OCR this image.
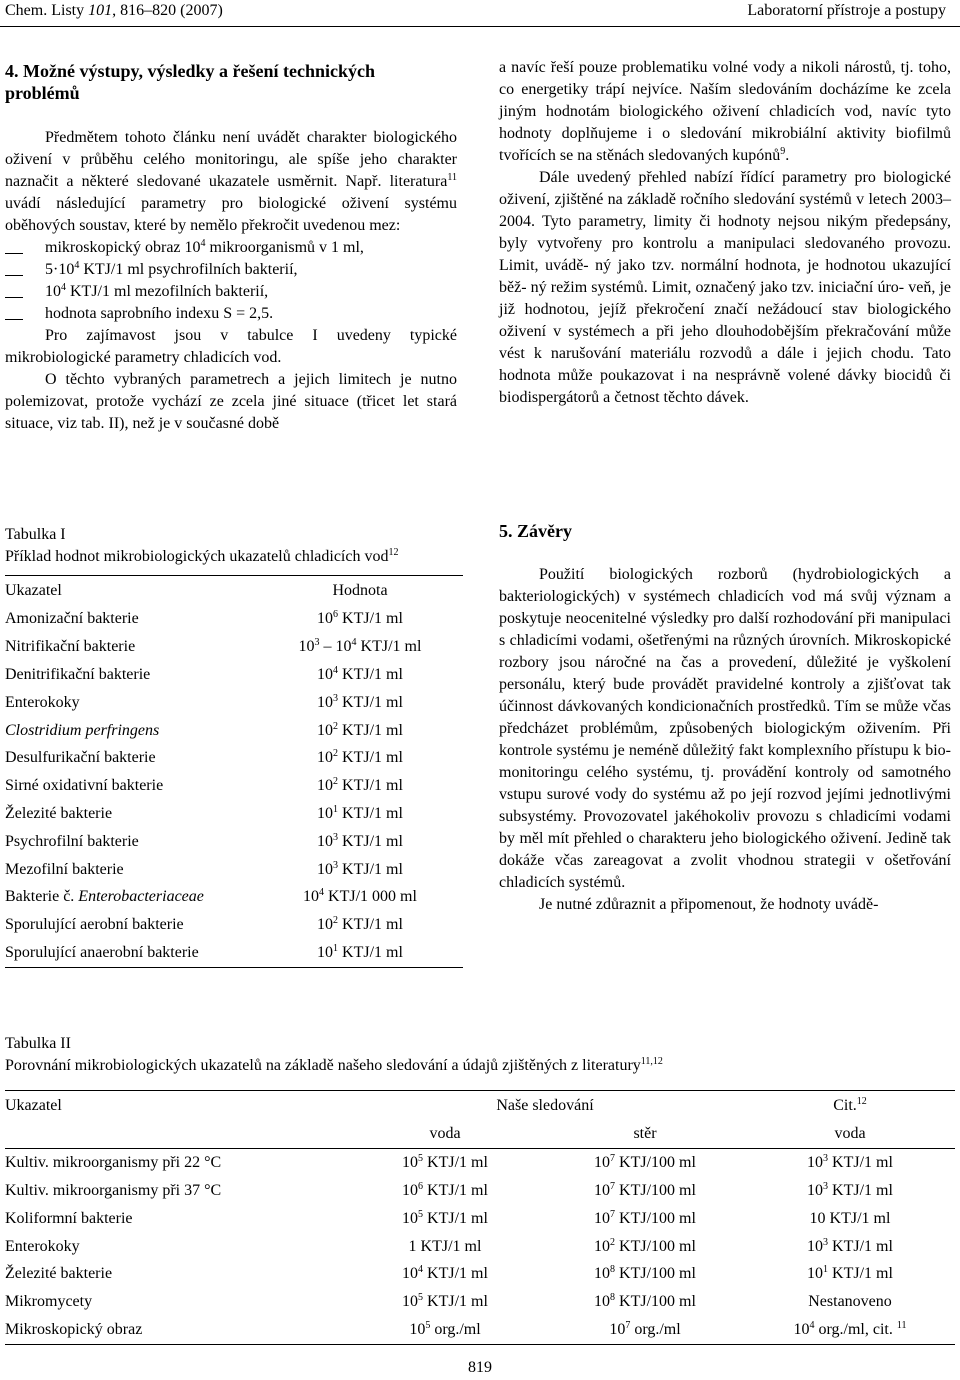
Chem. Listy 101, 816–820 (2007)	Laboratorní přístroje a postupy
4. Možné výstupy, výsledky a řešení technických problémů

Předmětem tohoto článku není uvádět charakter biologického oživení v průběhu celého monitoringu, ale spíše jeho charakter naznačit a některé sledované ukazatele usměrnit. Např. literatura$^{11}$ uvádí následující parametry pro biologické oživení systému oběhových soustav, které by nemělo překročit uvedenou mez:

mikroskopický obraz $10^4$ mikroorganismů v 1 ml,
$5\cdot 10^4$ KTJ/1 ml psychrofilních bakterií,
$10^4$ KTJ/1 ml mezofilních bakterií,
hodnota saprobního indexu S = 2,5.

Pro zajímavost jsou v tabulce I uvedeny typické mikrobiologické parametry chladicích vod.

O těchto vybraných parametrech a jejich limitech je nutno polemizovat, protože vychází ze zcela jiné situace (třicet let stará situace, viz tab. II), než je v současné době

a navíc řeší pouze problematiku volné vody a nikoli nárostů, tj. toho, co energetiky trápí nejvíce. Naším sledováním docházíme ke zcela jiným hodnotám biologického oživení chladicích vod, navíc tyto hodnoty doplňujeme i o sledování mikrobiální aktivity biofilmů tvořících se na stěnách sledovaných kupónů$^9$.

Dále uvedený přehled nabízí řídící parametry pro biologické oživení, zjištěné na základě ročního sledování systémů v letech 2003–2004. Tyto parametry, limity či hodnoty nejsou nikým předepsány, byly vytvořeny pro kontrolu a manipulaci sledovaného provozu. Limit, uvádě- ný jako tzv. normální hodnota, je hodnotou ukazující běž- ný režim systémů. Limit, označený jako tzv. iniciační úro- veň, je již hodnotou, jejíž překročení značí nežádoucí stav biologického oživení v systémech a při jeho dlouhodobějším překračování může vést k narušování materiálu rozvodů a dále i jejich chodu. Tato hodnota může poukazovat i na nesprávně volené dávky biocidů či biodispergátorů a četnost těchto dávek.

Tabulka I
Příklad hodnot mikrobiologických ukazatelů chladicích vod$^{12}$
Ukazatel	Hodnota
Amonizační bakterie	$10^6$ KTJ/1 ml
Nitrifikační bakterie	$10^3 - 10^4$ KTJ/1 ml
Denitrifikační bakterie	$10^4$ KTJ/1 ml
Enterokoky	$10^3$ KTJ/1 ml
Clostridium perfringens	$10^2$ KTJ/1 ml
Desulfurikační bakterie	$10^2$ KTJ/1 ml
Sirné oxidativní bakterie	$10^2$ KTJ/1 ml
Železité bakterie	$10^1$ KTJ/1 ml
Psychrofilní bakterie	$10^3$ KTJ/1 ml
Mezofilní bakterie	$10^3$ KTJ/1 ml
Bakterie č. Enterobacteriaceae	$10^4$ KTJ/1 000 ml
Sporulující aerobní bakterie	$10^2$ KTJ/1 ml
Sporulující anaerobní bakterie	$10^1$ KTJ/1 ml
5. Závěry

Použití biologických rozborů (hydrobiologických a bakteriologických) v systémech chladicích vod má svůj význam a poskytuje neocenitelné výsledky pro další rozhodování při manipulaci s chladicími vodami, ošetřenými na různých úrovních. Mikroskopické rozbory jsou náročné na čas a provedení, důležité je vyškolení personálu, který bude provádět pravidelné kontroly a zjišťovat tak účinnost dávkovaných kondicionačních prostředků. Tím se může včas předcházet problémům, způsobených biologickým oživením. Při kontrole systému je neméně důležitý fakt komplexního přístupu k bio-monitoringu celého systému, tj. provádění kontroly od samotného vstupu surové vody do systému až po její rozvod jejími jednotlivými subsystémy. Provozovatel jakéhokoliv provozu s chladicími vodami by měl mít přehled o charakteru jeho biologického oživení. Jedině tak dokáže včas zareagovat a zvolit vhodnou strategii v ošetřování chladicích systémů.

Je nutné zdůraznit a připomenout, že hodnoty uvádě-

Tabulka II
Porovnání mikrobiologických ukazatelů na základě našeho sledování a údajů zjištěných z literatury$^{11,12}$
Ukazatel	Naše sledování		Cit.$^{12}$
	voda	stěr	voda
Kultiv. mikroorganismy při 22 °C	$10^5$ KTJ/1 ml	$10^7$ KTJ/100 ml	$10^3$ KTJ/1 ml
Kultiv. mikroorganismy při 37 °C	$10^6$ KTJ/1 ml	$10^7$ KTJ/100 ml	$10^3$ KTJ/1 ml
Koliformní bakterie	$10^5$ KTJ/1 ml	$10^7$ KTJ/100 ml	10 KTJ/1 ml
Enterokoky	1 KTJ/1 ml	$10^2$ KTJ/100 ml	$10^3$ KTJ/1 ml
Železité bakterie	$10^4$ KTJ/1 ml	$10^8$ KTJ/100 ml	$10^1$ KTJ/1 ml
Mikromycety	$10^5$ KTJ/1 ml	$10^8$ KTJ/100 ml	Nestanoveno
Mikroskopický obraz	$10^5$ org./ml	$10^7$ org./ml	$10^4$ org./ml, cit. $^{11}$
819
